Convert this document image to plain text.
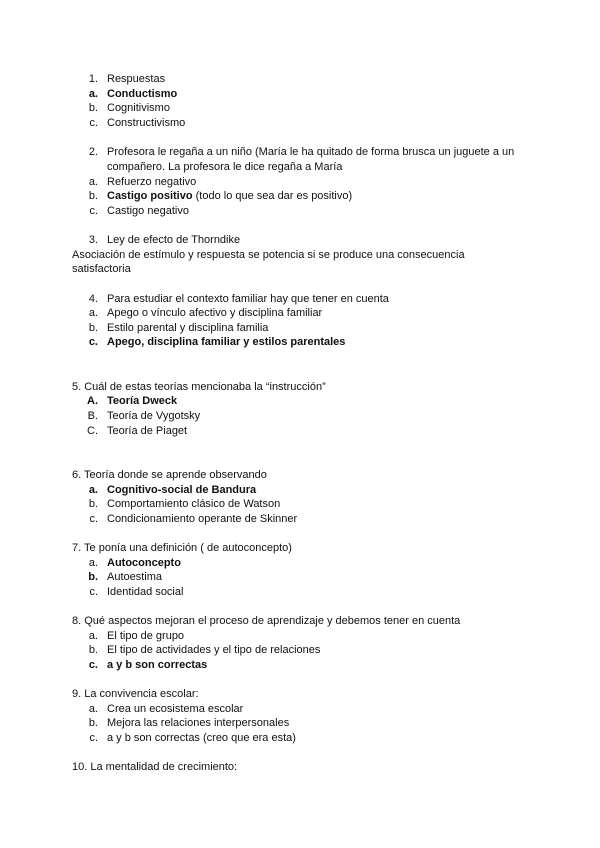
1. Respuestas
a. Conductismo
b. Cognitivismo
c. Constructivismo
2. Profesora le regaña a un niño (María le ha quitado de forma brusca un juguete a un
compañero. La profesora le dice regaña a María
a. Refuerzo negativo
b. Castigo positivo (todo lo que sea dar es positivo)
c. Castigo negativo
3. Ley de efecto de Thorndike
Asociación de estímulo y respuesta se potencia si se produce una consecuencia
satisfactoria
4. Para estudiar el contexto familiar hay que tener en cuenta
a. Apego o vínculo afectivo y disciplina familiar
b. Estilo parental y disciplina familia
c. Apego, disciplina familiar y estilos parentales
5. Cuál de estas teorías mencionaba la “instrucción”
A. Teoría Dweck
B. Teoría de Vygotsky
C. Teoría de Piaget
6. Teoría donde se aprende observando
a. Cognitivo-social de Bandura
b. Comportamiento clásico de Watson
c. Condicionamiento operante de Skinner
7. Te ponía una definición ( de autoconcepto)
a. Autoconcepto
b. Autoestima
c. Identidad social
8. Qué aspectos mejoran el proceso de aprendizaje y debemos tener en cuenta
a. El tipo de grupo
b. El tipo de actividades y el tipo de relaciones
c. a y b son correctas
9. La convivencia escolar:
a. Crea un ecosistema escolar
b. Mejora las relaciones interpersonales
c. a y b son correctas (creo que era esta)
10. La mentalidad de crecimiento:
